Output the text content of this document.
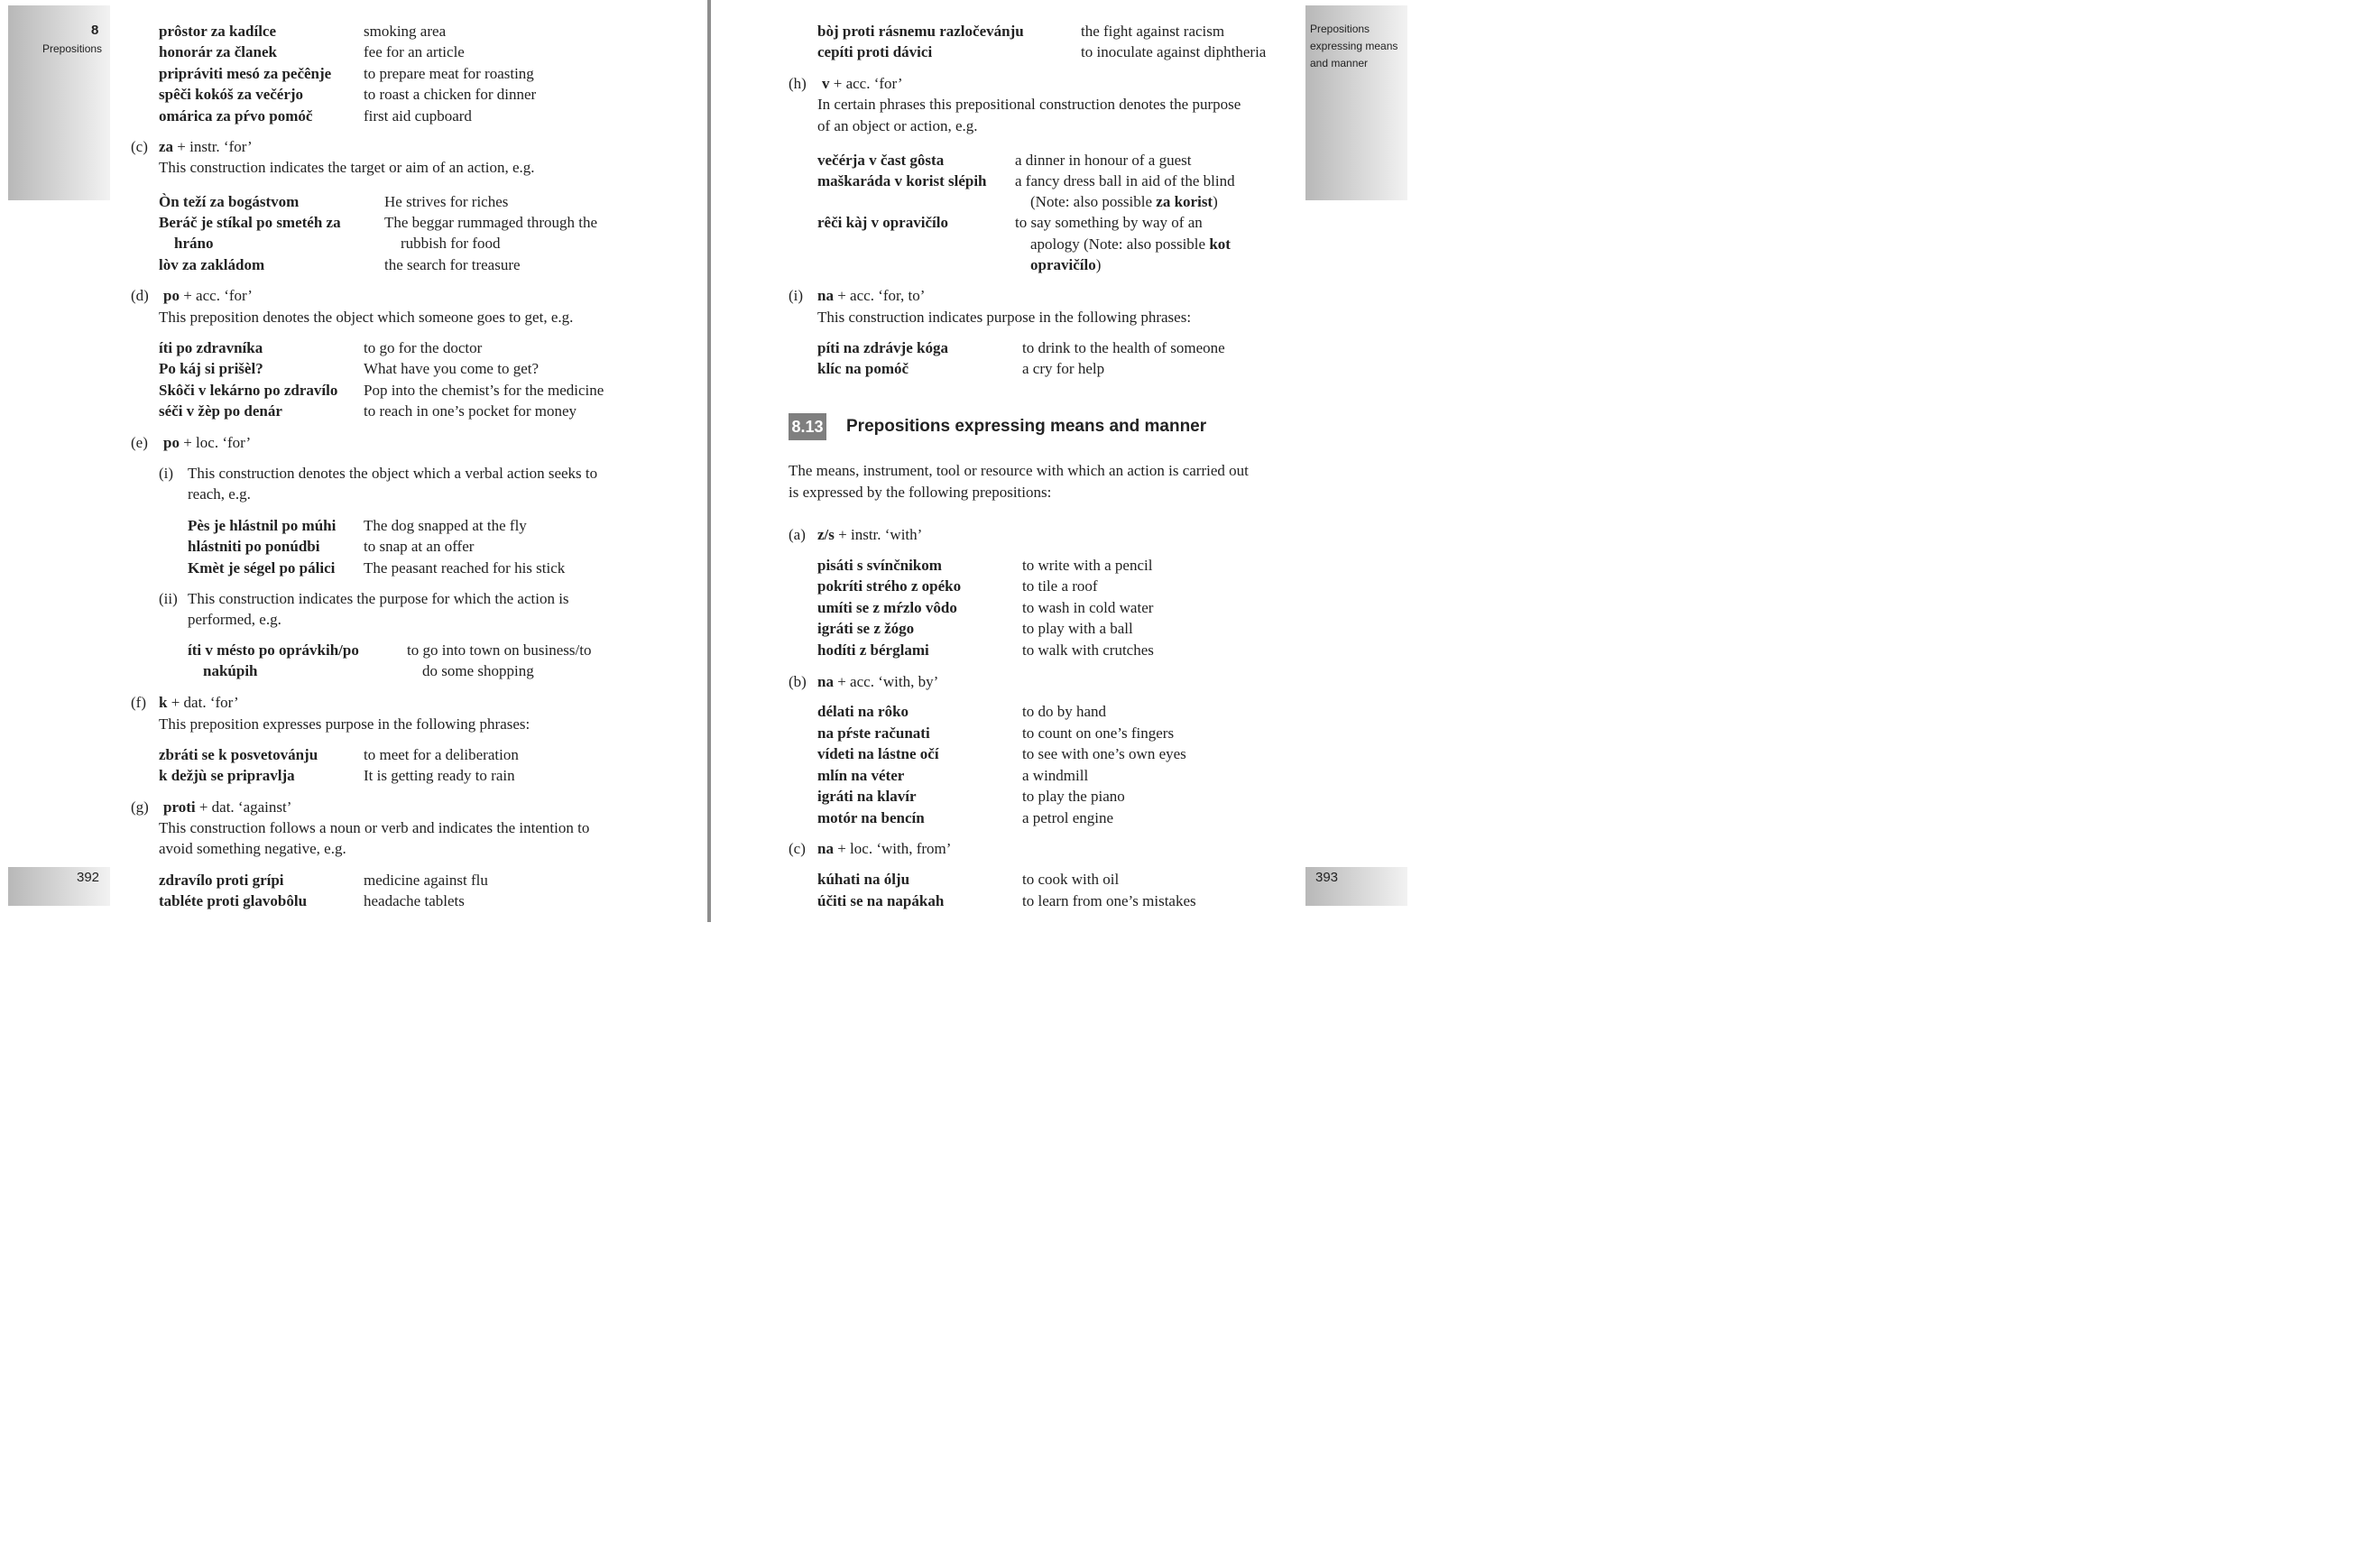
8
Prepositions
392
prôstor za kadílce	smoking area
honorár za članek	fee for an article
pripráviti mesó za pečênje to prepare meat for roasting
spêči kokóš za večérjo	to roast a chicken for dinner
omárica za pŕvo pomóč	first aid cupboard
(c) za + instr. ‘for’
This construction indicates the target or aim of an action, e.g.
Òn teží za bogástvom	He strives for riches
Beráč je stíkal po smetéh za	The beggar rummaged through the
hráno	rubbish for food
lòv za zakládom	the search for treasure
(d) po + acc. ‘for’
This preposition denotes the object which someone goes to get, e.g.
íti po zdravníka	to go for the doctor
Po káj si prišèl?	What have you come to get?
Skôči v lekárno po zdravílo Pop into the chemist’s for the medicine
séči v žèp po denár	to reach in one’s pocket for money
(e) po + loc. ‘for’
(i) This construction denotes the object which a verbal action seeks to
reach, e.g.
Pès je hlástnil po múhi The dog snapped at the fly
hlástniti po ponúdbi	to snap at an offer
Kmèt je ségel po pálici The peasant reached for his stick
(ii) This construction indicates the purpose for which the action is
performed, e.g.
íti v mésto po oprávkih/po	to go into town on business/to
nakúpih	do some shopping
(f) k + dat. ‘for’
This preposition expresses purpose in the following phrases:
zbráti se k posvetovánju	to meet for a deliberation
k dežjù se pripravlja	It is getting ready to rain
(g) proti + dat. ‘against’
This construction follows a noun or verb and indicates the intention to
avoid something negative, e.g.
zdravílo proti grípi	medicine against flu
tabléte proti glavobôlu	headache tablets
Prepositions
expressing means
and manner
393
bòj proti rásnemu razločevánju	the fight against racism
cepíti proti dávici	to inoculate against diphtheria
(h) v + acc. ‘for’
In certain phrases this prepositional construction denotes the purpose
of an object or action, e.g.
večérja v čast gôsta	a dinner in honour of a guest
maškaráda v korist slépih a fancy dress ball in aid of the blind
(Note: also possible za korist)
rêči kàj v opravičílo	to say something by way of an
apology (Note: also possible kot
opravičílo)
(i) na + acc. ‘for, to’
This construction indicates purpose in the following phrases:
píti na zdrávje kóga	to drink to the health of someone
klíc na pomóč	a cry for help
8.13 Prepositions expressing means and manner
The means, instrument, tool or resource with which an action is carried out
is expressed by the following prepositions:
(a) z/s + instr. ‘with’
pisáti s svínčnikom	to write with a pencil
pokríti strého z opéko	to tile a roof
umíti se z mŕzlo vôdo	to wash in cold water
igráti se z žógo	to play with a ball
hodíti z bérglami	to walk with crutches
(b) na + acc. ‘with, by’
délati na rôko	to do by hand
na pŕste računati	to count on one’s fingers
vídeti na lástne očí	to see with one’s own eyes
mlín na véter	a windmill
igráti na klavír	to play the piano
motór na bencín	a petrol engine
(c) na + loc. ‘with, from’
kúhati na ólju	to cook with oil
účiti se na napákah	to learn from one’s mistakes
